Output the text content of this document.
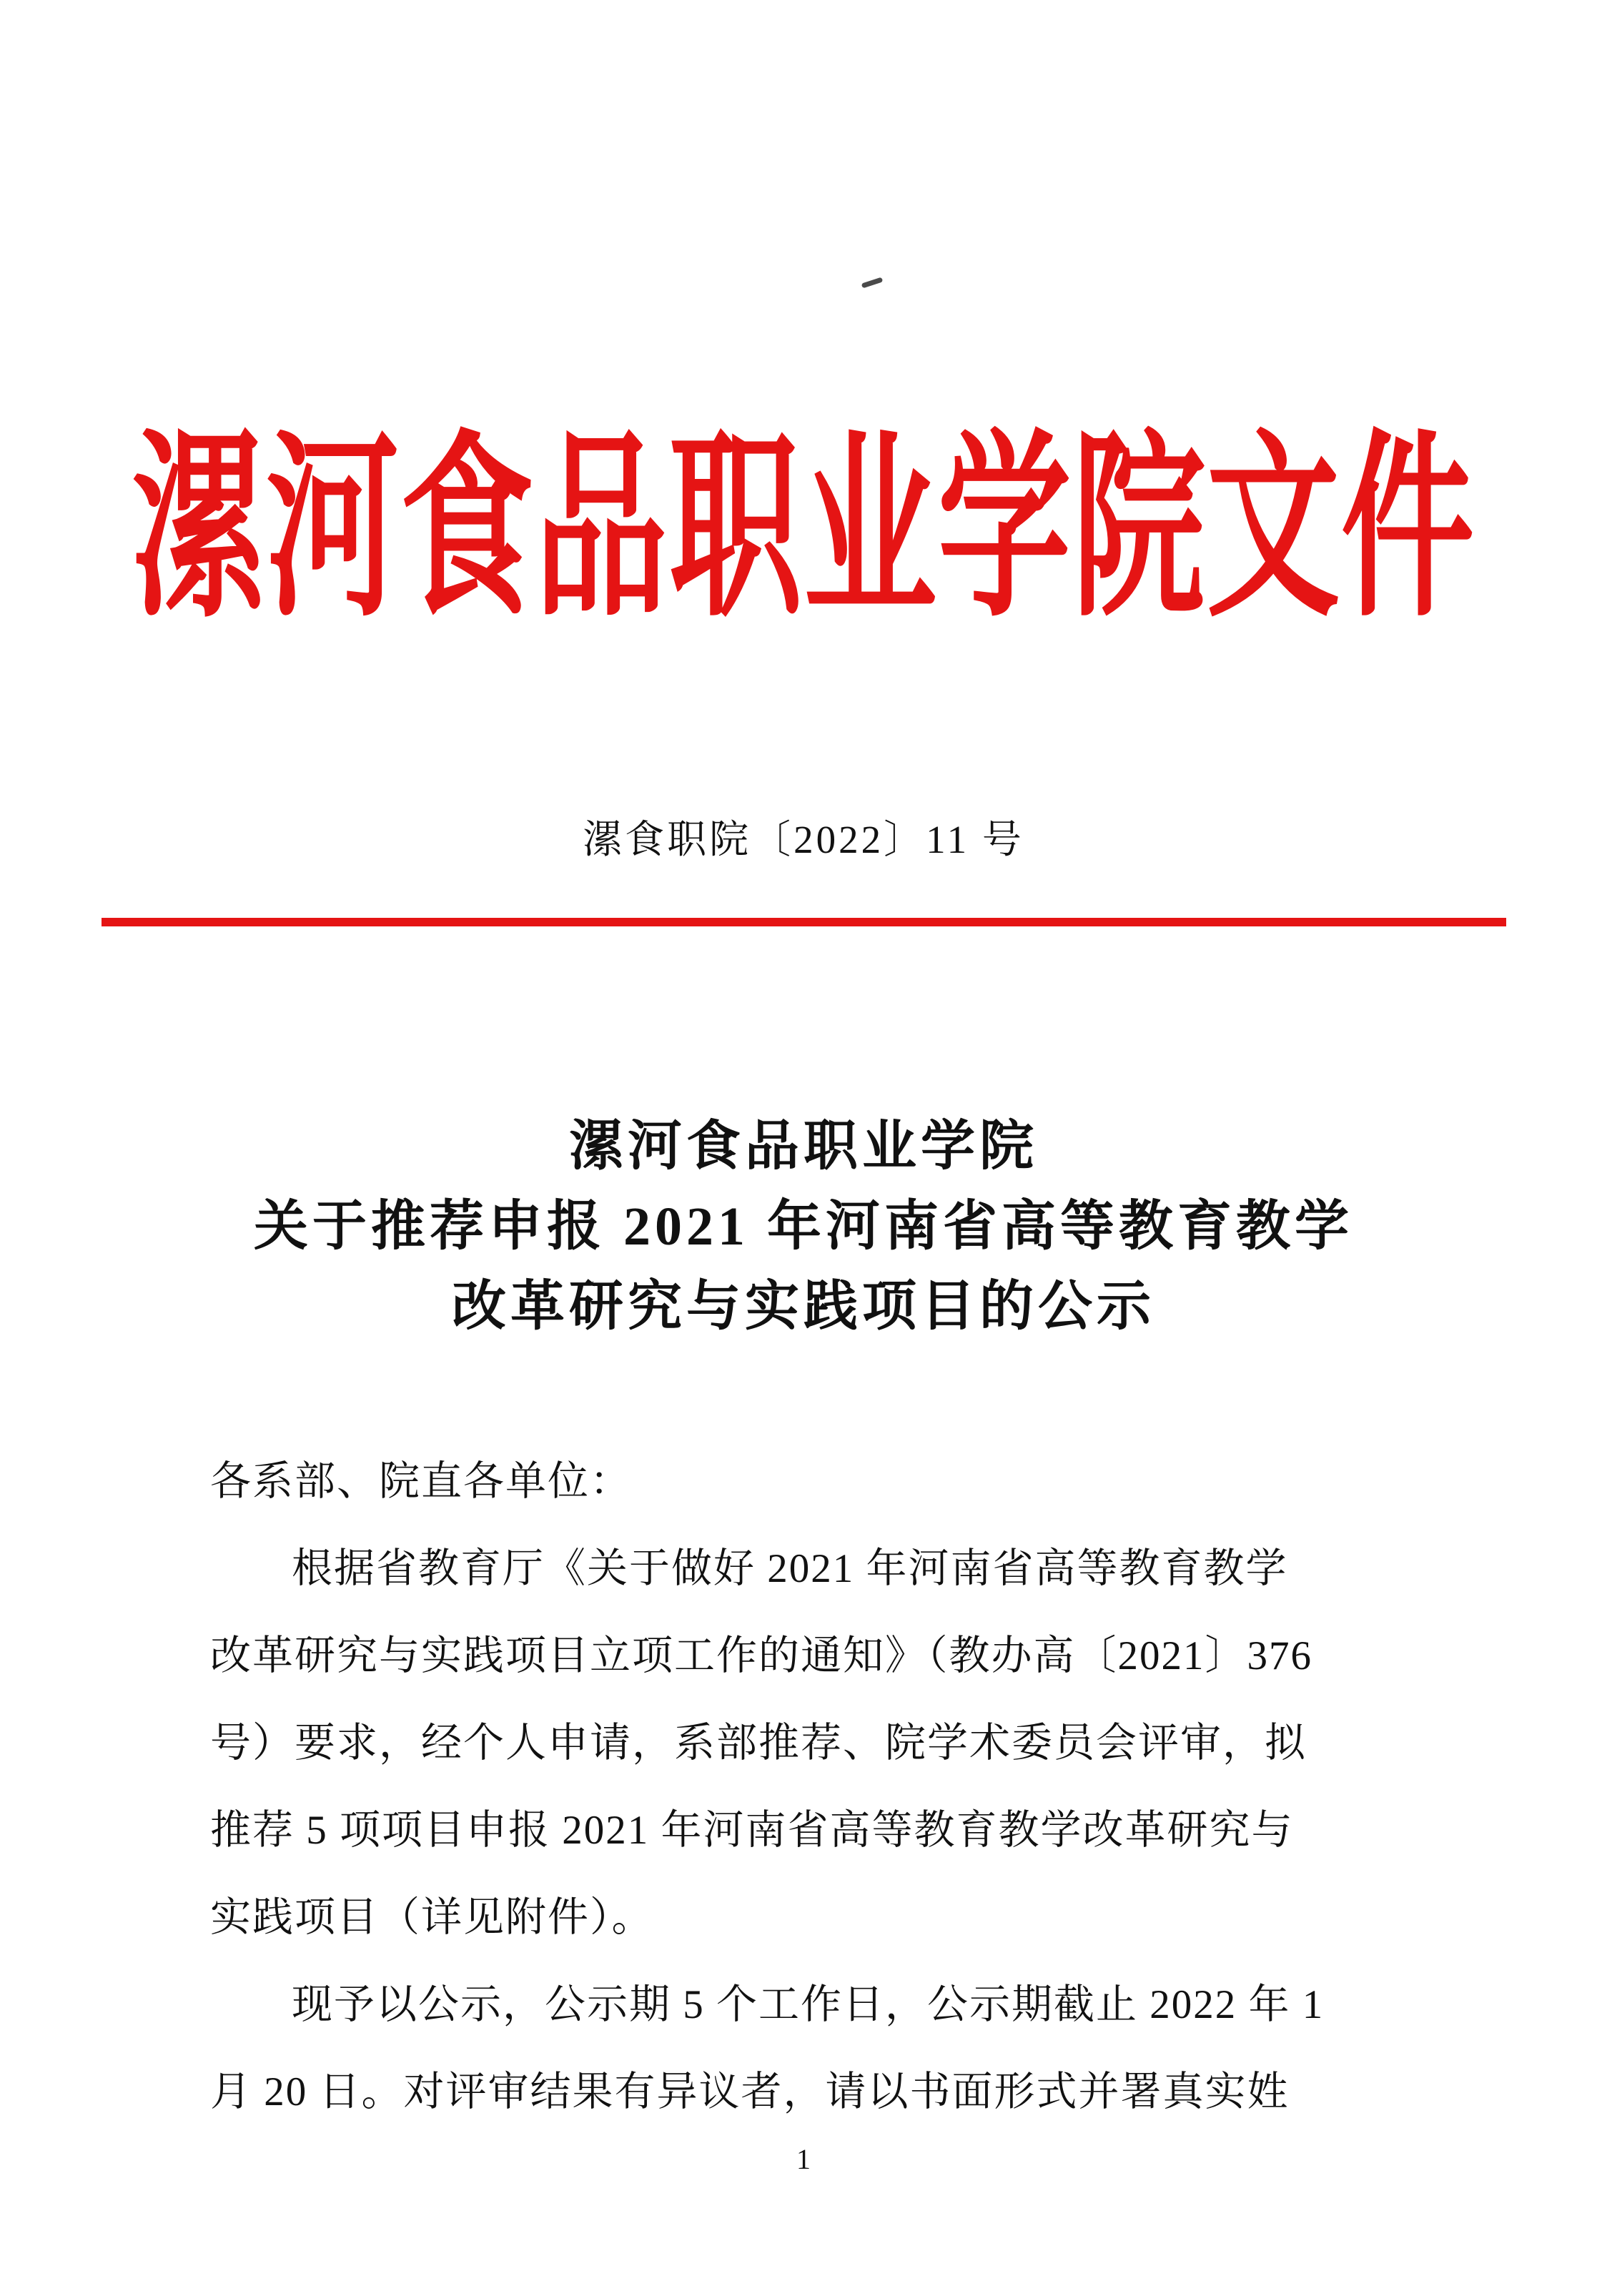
漯河食品职业学院文件
漯食职院〔2022〕11 号
漯河食品职业学院
关于推荐申报 2021 年河南省高等教育教学
改革研究与实践项目的公示
各系部、院直各单位：
根据省教育厅《关于做好 2021 年河南省高等教育教学
改革研究与实践项目立项工作的通知》（教办高〔2021〕376
号）要求，经个人申请，系部推荐、院学术委员会评审，拟
推荐 5 项项目申报 2021 年河南省高等教育教学改革研究与
实践项目（详见附件）。
现予以公示，公示期 5 个工作日，公示期截止 2022 年 1
月 20 日。对评审结果有异议者，请以书面形式并署真实姓
1
